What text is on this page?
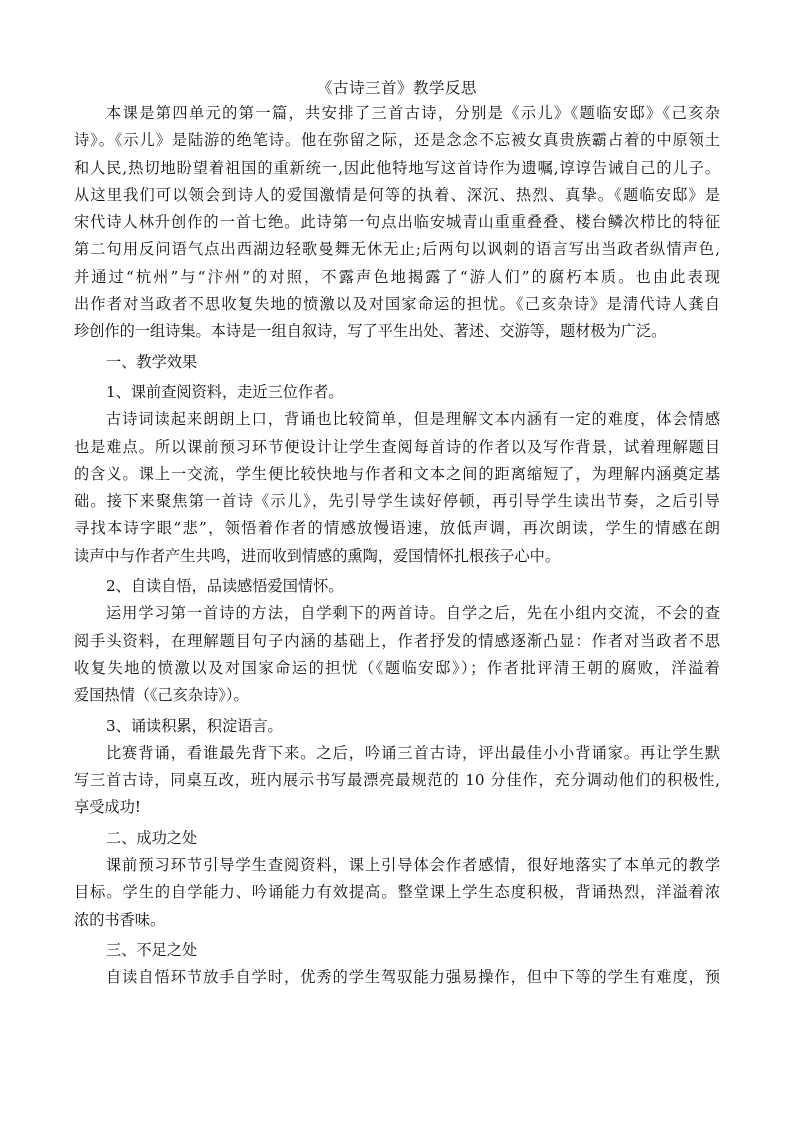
《古诗三首》教学反思
本课是第四单元的第一篇，共安排了三首古诗，分别是《示儿》《题临安邸》《己亥杂
诗》。《示儿》是陆游的绝笔诗。他在弥留之际，还是念念不忘被女真贵族霸占着的中原领土
和人民,热切地盼望着祖国的重新统一,因此他特地写这首诗作为遗嘱,谆谆告诫自己的儿子。
从这里我们可以领会到诗人的爱国激情是何等的执着、深沉、热烈、真挚。《题临安邸》是
宋代诗人林升创作的一首七绝。此诗第一句点出临安城青山重重叠叠、楼台鳞次栉比的特征
第二句用反问语气点出西湖边轻歌曼舞无休无止;后两句以讽刺的语言写出当政者纵情声色,
并通过“杭州”与“汴州”的对照，不露声色地揭露了“游人们”的腐朽本质。也由此表现
出作者对当政者不思收复失地的愤激以及对国家命运的担忧。《己亥杂诗》是清代诗人龚自
珍创作的一组诗集。本诗是一组自叙诗，写了平生出处、著述、交游等，题材极为广泛。
一、教学效果
1、课前查阅资料，走近三位作者。
古诗词读起来朗朗上口，背诵也比较简单，但是理解文本内涵有一定的难度，体会情感
也是难点。所以课前预习环节便设计让学生查阅每首诗的作者以及写作背景，试着理解题目
的含义。课上一交流，学生便比较快地与作者和文本之间的距离缩短了，为理解内涵奠定基
础。接下来聚焦第一首诗《示儿》，先引导学生读好停顿，再引导学生读出节奏，之后引导
寻找本诗字眼“悲”，领悟着作者的情感放慢语速，放低声调，再次朗读，学生的情感在朗
读声中与作者产生共鸣，进而收到情感的熏陶，爱国情怀扎根孩子心中。
2、自读自悟，品读感悟爱国情怀。
运用学习第一首诗的方法，自学剩下的两首诗。自学之后，先在小组内交流，不会的查
阅手头资料，在理解题目句子内涵的基础上，作者抒发的情感逐渐凸显：作者对当政者不思
收复失地的愤激以及对国家命运的担忧（《题临安邸》）；作者批评清王朝的腐败，洋溢着
爱国热情（《己亥杂诗》）。
3、诵读积累，积淀语言。
比赛背诵，看谁最先背下来。之后，吟诵三首古诗，评出最佳小小背诵家。再让学生默
写三首古诗，同桌互改，班内展示书写最漂亮最规范的 10 分佳作，充分调动他们的积极性,
享受成功!
二、成功之处
课前预习环节引导学生查阅资料，课上引导体会作者感情，很好地落实了本单元的教学
目标。学生的自学能力、吟诵能力有效提高。整堂课上学生态度积极，背诵热烈，洋溢着浓
浓的书香味。
三、不足之处
自读自悟环节放手自学时，优秀的学生驾驭能力强易操作，但中下等的学生有难度，预
